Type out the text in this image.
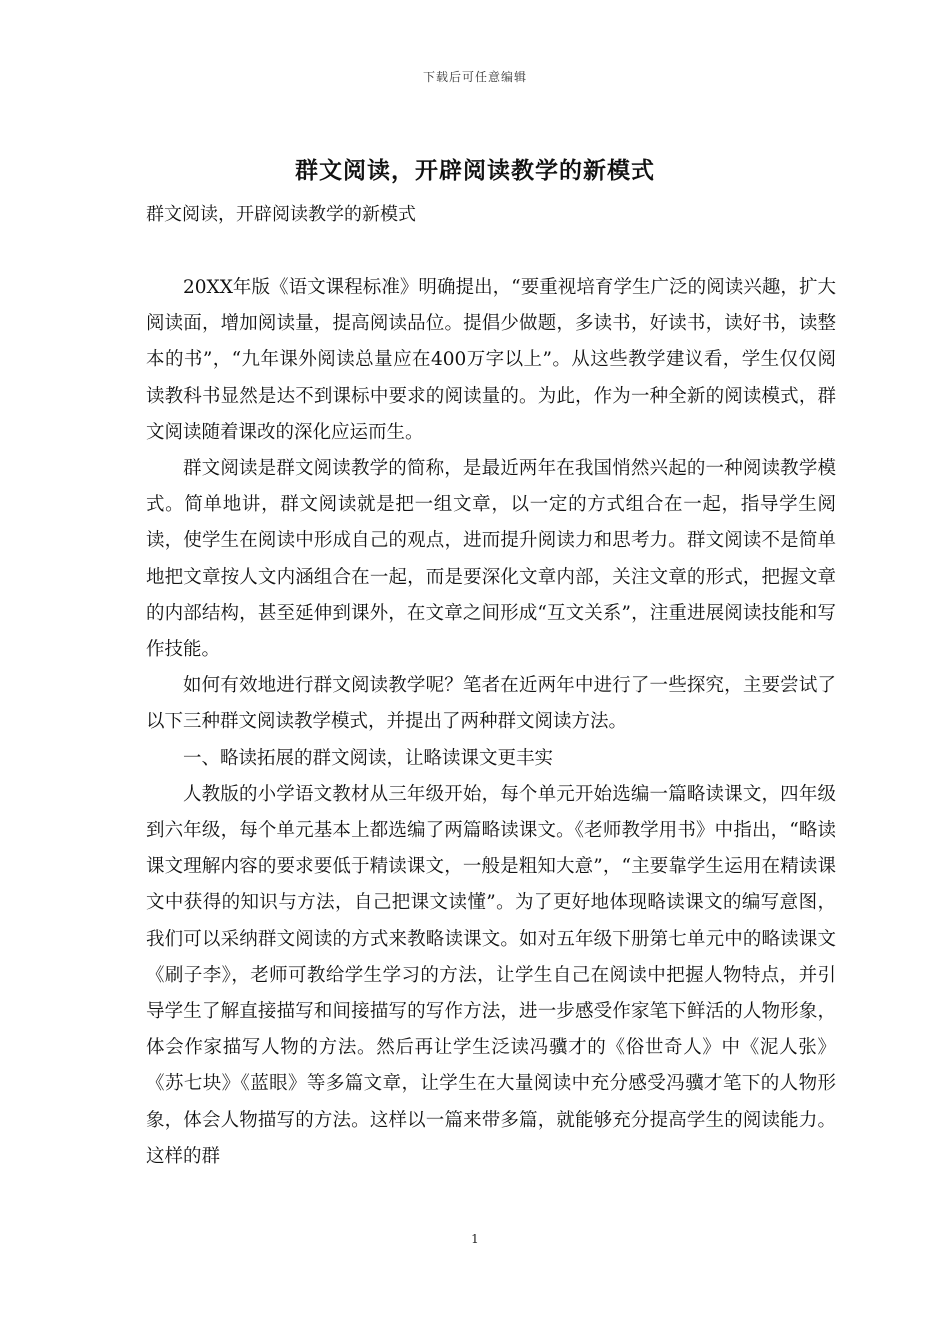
下载后可任意编辑
群文阅读，开辟阅读教学的新模式
群文阅读，开辟阅读教学的新模式

20XX年版《语文课程标准》明确提出，“要重视培育学生广泛的阅读兴趣，扩大阅读面，增加阅读量，提高阅读品位。提倡少做题，多读书，好读书，读好书，读整本的书”，“九年课外阅读总量应在400万字以上”。从这些教学建议看，学生仅仅阅读教科书显然是达不到课标中要求的阅读量的。为此，作为一种全新的阅读模式，群文阅读随着课改的深化应运而生。

群文阅读是群文阅读教学的简称，是最近两年在我国悄然兴起的一种阅读教学模式。简单地讲，群文阅读就是把一组文章，以一定的方式组合在一起，指导学生阅读，使学生在阅读中形成自己的观点，进而提升阅读力和思考力。群文阅读不是简单地把文章按人文内涵组合在一起，而是要深化文章内部，关注文章的形式，把握文章的内部结构，甚至延伸到课外，在文章之间形成“互文关系”，注重进展阅读技能和写作技能。

如何有效地进行群文阅读教学呢？笔者在近两年中进行了一些探究，主要尝试了以下三种群文阅读教学模式，并提出了两种群文阅读方法。

一、略读拓展的群文阅读，让略读课文更丰实

人教版的小学语文教材从三年级开始，每个单元开始选编一篇略读课文，四年级到六年级，每个单元基本上都选编了两篇略读课文。《老师教学用书》中指出，“略读课文理解内容的要求要低于精读课文，一般是粗知大意”，“主要靠学生运用在精读课文中获得的知识与方法，自己把课文读懂”。为了更好地体现略读课文的编写意图，我们可以采纳群文阅读的方式来教略读课文。如对五年级下册第七单元中的略读课文《刷子李》，老师可教给学生学习的方法，让学生自己在阅读中把握人物特点，并引导学生了解直接描写和间接描写的写作方法，进一步感受作家笔下鲜活的人物形象，体会作家描写人物的方法。然后再让学生泛读冯骥才的《俗世奇人》中《泥人张》《苏七块》《蓝眼》等多篇文章，让学生在大量阅读中充分感受冯骥才笔下的人物形象，体会人物描写的方法。这样以一篇来带多篇，就能够充分提高学生的阅读能力。这样的群

1
